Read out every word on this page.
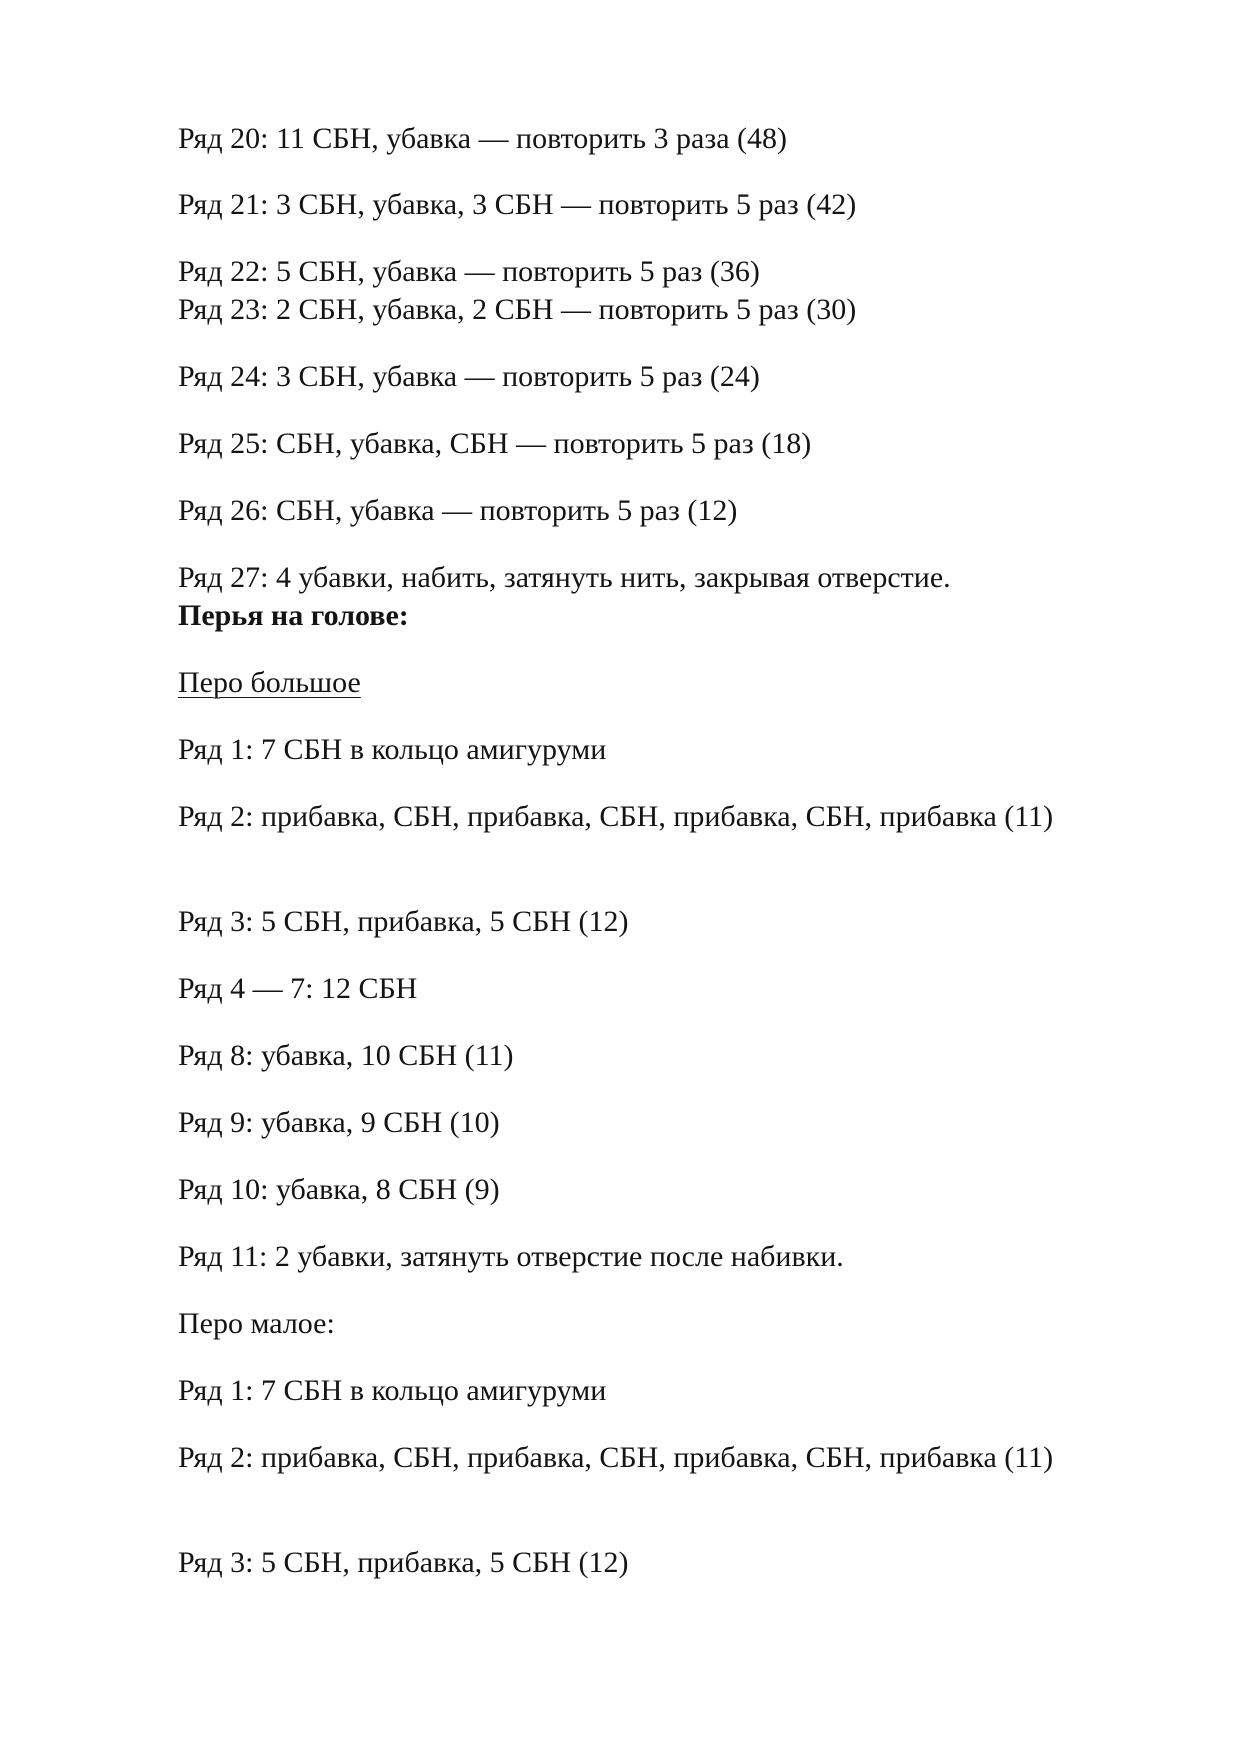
Ряд 20: 11 СБН, убавка — повторить 3 раза (48)
Ряд 21: 3 СБН, убавка, 3 СБН — повторить 5 раз (42)
Ряд 22: 5 СБН, убавка — повторить 5 раз (36)
Ряд 23: 2 СБН, убавка, 2 СБН — повторить 5 раз (30)
Ряд 24: 3 СБН, убавка — повторить 5 раз (24)
Ряд 25: СБН, убавка, СБН — повторить 5 раз (18)
Ряд 26: СБН, убавка — повторить 5 раз (12)
Ряд 27: 4 убавки, набить, затянуть нить, закрывая отверстие.
Перья на голове:
Перо большое
Ряд 1: 7 СБН в кольцо амигуруми
Ряд 2: прибавка, СБН, прибавка, СБН, прибавка, СБН, прибавка (11)
Ряд 3: 5 СБН, прибавка, 5 СБН (12)
Ряд 4 — 7: 12 СБН
Ряд 8: убавка, 10 СБН (11)
Ряд 9: убавка, 9 СБН (10)
Ряд 10: убавка, 8 СБН (9)
Ряд 11: 2 убавки, затянуть отверстие после набивки.
Перо малое:
Ряд 1: 7 СБН в кольцо амигуруми
Ряд 2: прибавка, СБН, прибавка, СБН, прибавка, СБН, прибавка (11)
Ряд 3: 5 СБН, прибавка, 5 СБН (12)
